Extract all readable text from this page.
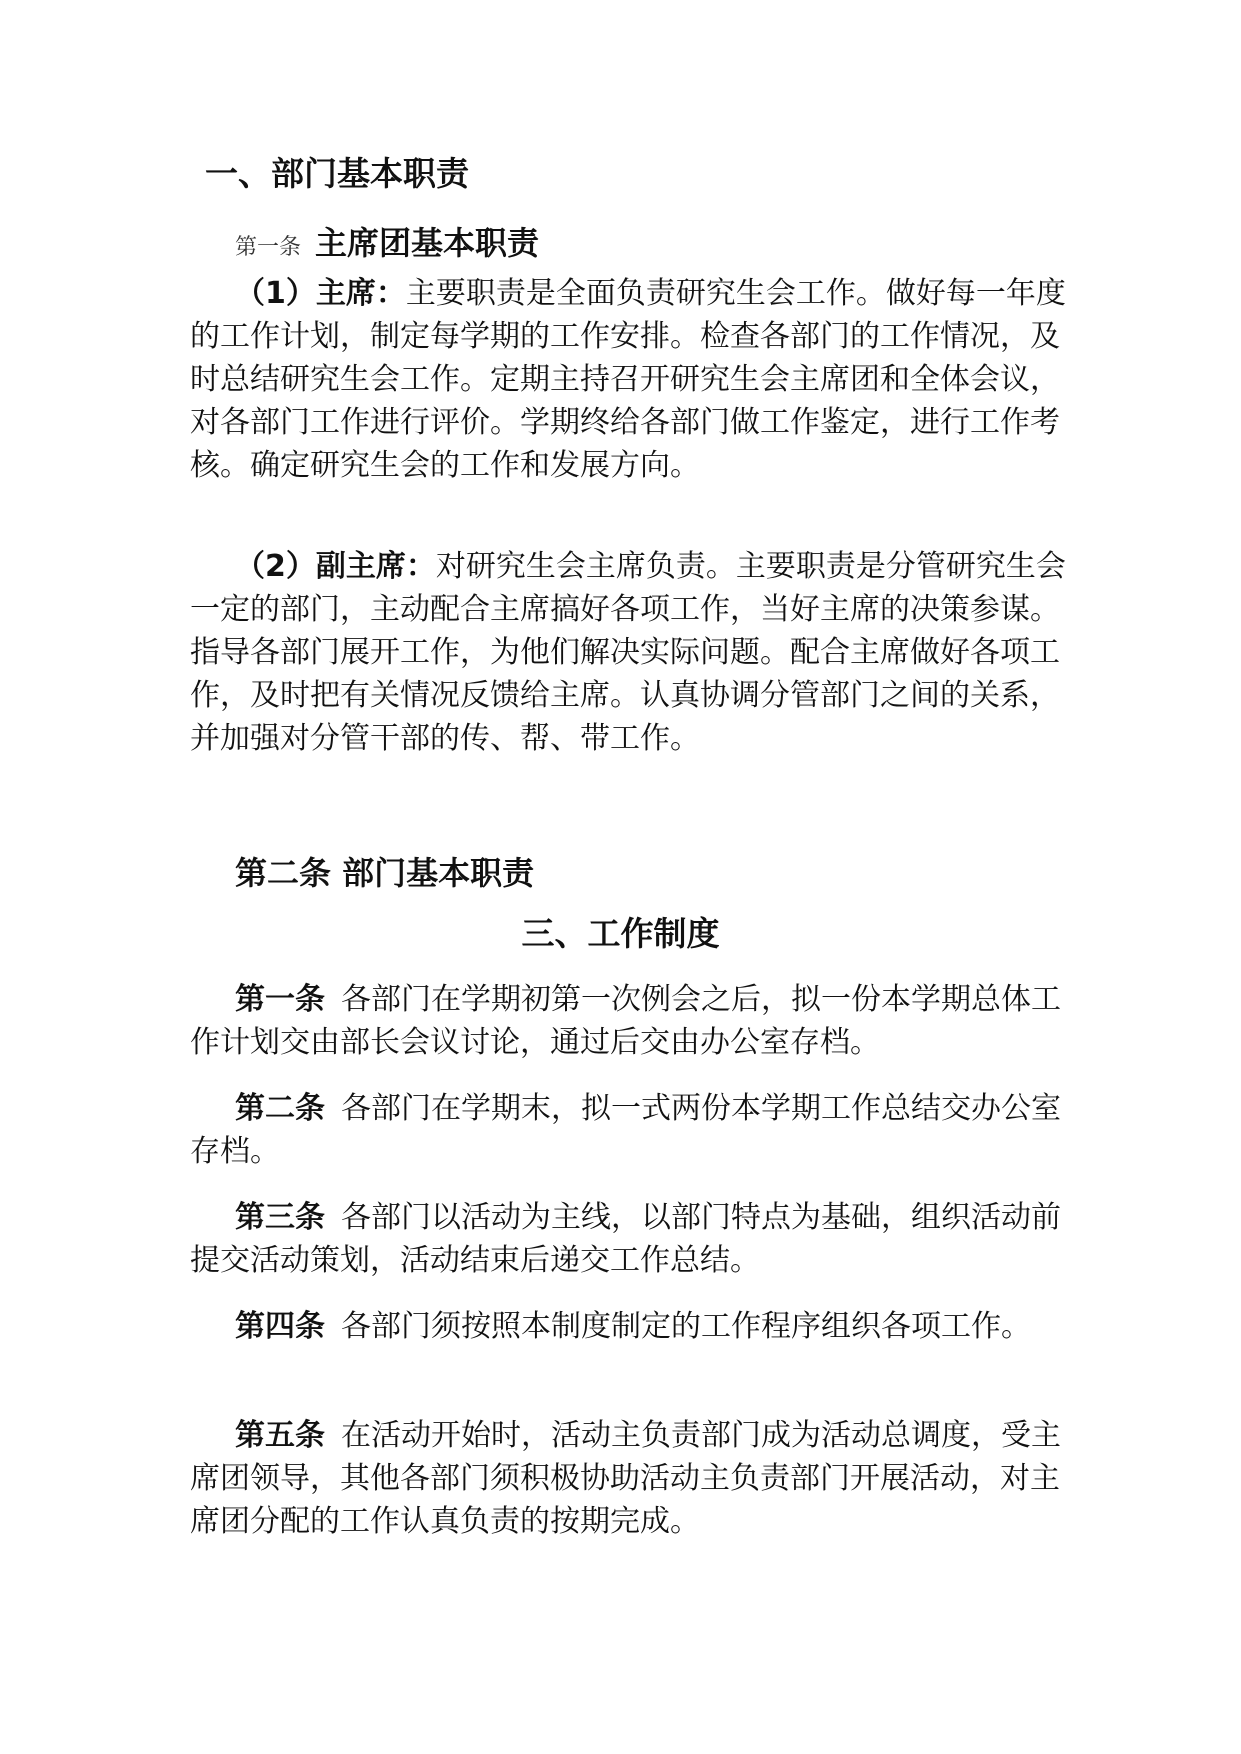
一、部门基本职责

第一条 主席团基本职责

（1）主席：主要职责是全面负责研究生会工作。做好每一年度的工作计划，制定每学期的工作安排。检查各部门的工作情况，及时总结研究生会工作。定期主持召开研究生会主席团和全体会议，对各部门工作进行评价。学期终给各部门做工作鉴定，进行工作考核。确定研究生会的工作和发展方向。

（2）副主席：对研究生会主席负责。主要职责是分管研究生会一定的部门，主动配合主席搞好各项工作，当好主席的决策参谋。指导各部门展开工作，为他们解决实际问题。配合主席做好各项工作，及时把有关情况反馈给主席。认真协调分管部门之间的关系，并加强对分管干部的传、帮、带工作。

第二条 部门基本职责

三、工作制度

第一条 各部门在学期初第一次例会之后，拟一份本学期总体工作计划交由部长会议讨论，通过后交由办公室存档。

第二条 各部门在学期末，拟一式两份本学期工作总结交办公室存档。

第三条 各部门以活动为主线，以部门特点为基础，组织活动前提交活动策划，活动结束后递交工作总结。

第四条 各部门须按照本制度制定的工作程序组织各项工作。

第五条 在活动开始时，活动主负责部门成为活动总调度，受主席团领导，其他各部门须积极协助活动主负责部门开展活动，对主席团分配的工作认真负责的按期完成。
